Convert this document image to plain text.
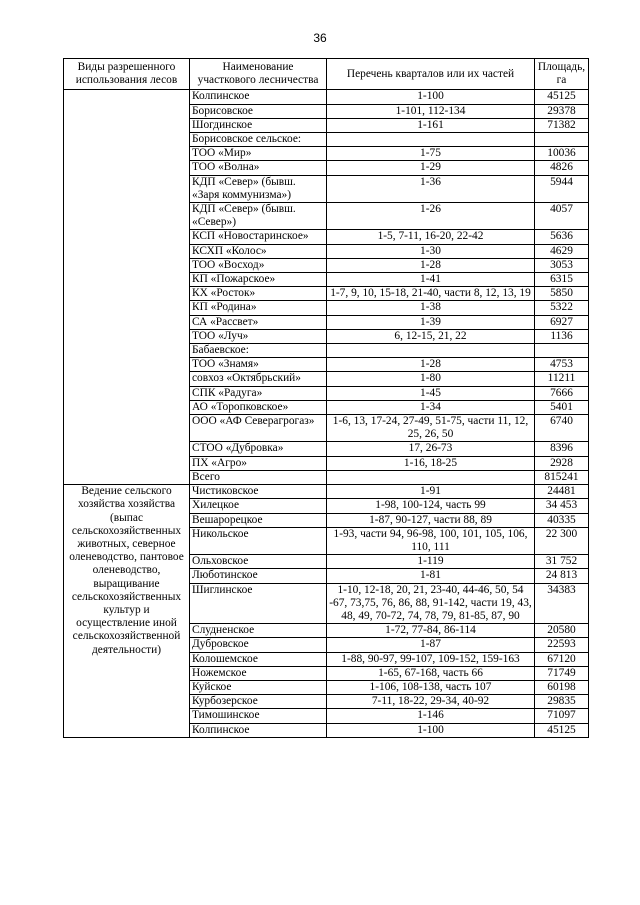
36
Виды разрешенного использования лесов	Наименование участкового лесничества	Перечень кварталов или их частей	Площадь, га
	Колпинское	1-100	45125
	Борисовское	1-101, 112-134	29378
	Шогдинское	1-161	71382
	Борисовское сельское:		
	ТОО «Мир»	1-75	10036
	ТОО «Волна»	1-29	4826
	КДП «Север» (бывш. «Заря коммунизма»)	1-36	5944
	КДП «Север» (бывш. «Север»)	1-26	4057
	КСП «Новостаринское»	1-5, 7-11, 16-20, 22-42	5636
	КСХП «Колос»	1-30	4629
	ТОО «Восход»	1-28	3053
	КП «Пожарское»	1-41	6315
	КХ «Росток»	1-7, 9, 10, 15-18, 21-40, части 8, 12, 13, 19	5850
	КП «Родина»	1-38	5322
	СА «Рассвет»	1-39	6927
	ТОО «Луч»	6, 12-15, 21, 22	1136
	Бабаевское:		
	ТОО «Знамя»	1-28	4753
	совхоз «Октябрьский»	1-80	11211
	СПК «Радуга»	1-45	7666
	АО «Торопковское»	1-34	5401
	ООО «АФ Северагрогаз»	1-6, 13, 17-24, 27-49, 51-75, части 11, 12, 25, 26, 50	6740
	СТОО «Дубровка»	17, 26-73	8396
	ПХ «Агро»	1-16, 18-25	2928
	Всего		815241
Ведение сельского хозяйства хозяйства (выпас сельскохозяйственных животных, северное оленеводство, пантовое оленеводство, выращивание сельскохозяйственных культур и осуществление иной сельскохозяйственной деятельности)	Чистиковское	1-91	24481
	Хилецкое	1-98, 100-124, часть 99	34 453
	Вешарорецкое	1-87, 90-127, части 88, 89	40335
	Никольское	1-93, части 94, 96-98, 100, 101, 105, 106, 110, 111	22 300
	Ольховское	1-119	31 752
	Люботинское	1-81	24 813
	Шиглинское	1-10, 12-18, 20, 21, 23-40, 44-46, 50, 54 -67, 73,75, 76, 86, 88, 91-142, части 19, 43, 48, 49, 70-72, 74, 78, 79, 81-85, 87, 90	34383
	Слудненское	1-72, 77-84, 86-114	20580
	Дубровское	1-87	22593
	Колошемское	1-88, 90-97, 99-107, 109-152, 159-163	67120
	Ножемское	1-65, 67-168, часть 66	71749
	Куйское	1-106, 108-138, часть 107	60198
	Курбозерское	7-11, 18-22, 29-34, 40-92	29835
	Тимошинское	1-146	71097
	Колпинское	1-100	45125
